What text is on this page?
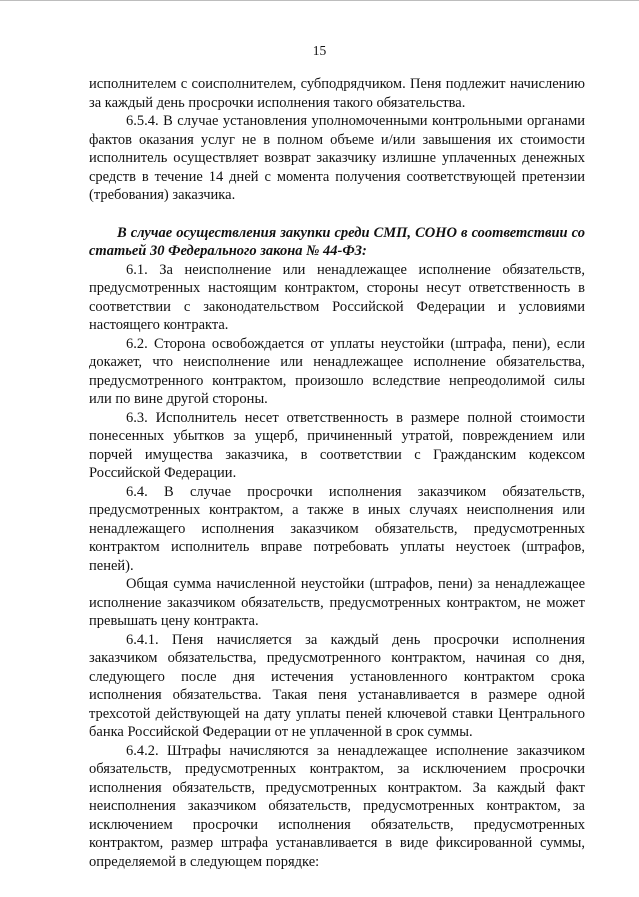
15

исполнителем с соисполнителем, субподрядчиком. Пеня подлежит начислению за каждый день просрочки исполнения такого обязательства.

6.5.4. В случае установления уполномоченными контрольными органами фактов оказания услуг не в полном объеме и/или завышения их стоимости исполнитель осуществляет возврат заказчику излишне уплаченных денежных средств в течение 14 дней с момента получения соответствующей претензии (требования) заказчика.

В случае осуществления закупки среди СМП, СОНО в соответствии со статьей 30 Федерального закона № 44-ФЗ:

6.1. За неисполнение или ненадлежащее исполнение обязательств, предусмотренных настоящим контрактом, стороны несут ответственность в соответствии с законодательством Российской Федерации и условиями настоящего контракта.

6.2. Сторона освобождается от уплаты неустойки (штрафа, пени), если докажет, что неисполнение или ненадлежащее исполнение обязательства, предусмотренного контрактом, произошло вследствие непреодолимой силы или по вине другой стороны.

6.3. Исполнитель несет ответственность в размере полной стоимости понесенных убытков за ущерб, причиненный утратой, повреждением или порчей имущества заказчика, в соответствии с Гражданским кодексом Российской Федерации.

6.4. В случае просрочки исполнения заказчиком обязательств, предусмотренных контрактом, а также в иных случаях неисполнения или ненадлежащего исполнения заказчиком обязательств, предусмотренных контрактом исполнитель вправе потребовать уплаты неустоек (штрафов, пеней).

Общая сумма начисленной неустойки (штрафов, пени) за ненадлежащее исполнение заказчиком обязательств, предусмотренных контрактом, не может превышать цену контракта.

6.4.1. Пеня начисляется за каждый день просрочки исполнения заказчиком обязательства, предусмотренного контрактом, начиная со дня, следующего после дня истечения установленного контрактом срока исполнения обязательства. Такая пеня устанавливается в размере одной трехсотой действующей на дату уплаты пеней ключевой ставки Центрального банка Российской Федерации от не уплаченной в срок суммы.

6.4.2. Штрафы начисляются за ненадлежащее исполнение заказчиком обязательств, предусмотренных контрактом, за исключением просрочки исполнения обязательств, предусмотренных контрактом. За каждый факт неисполнения заказчиком обязательств, предусмотренных контрактом, за исключением просрочки исполнения обязательств, предусмотренных контрактом, размер штрафа устанавливается в виде фиксированной суммы, определяемой в следующем порядке:
